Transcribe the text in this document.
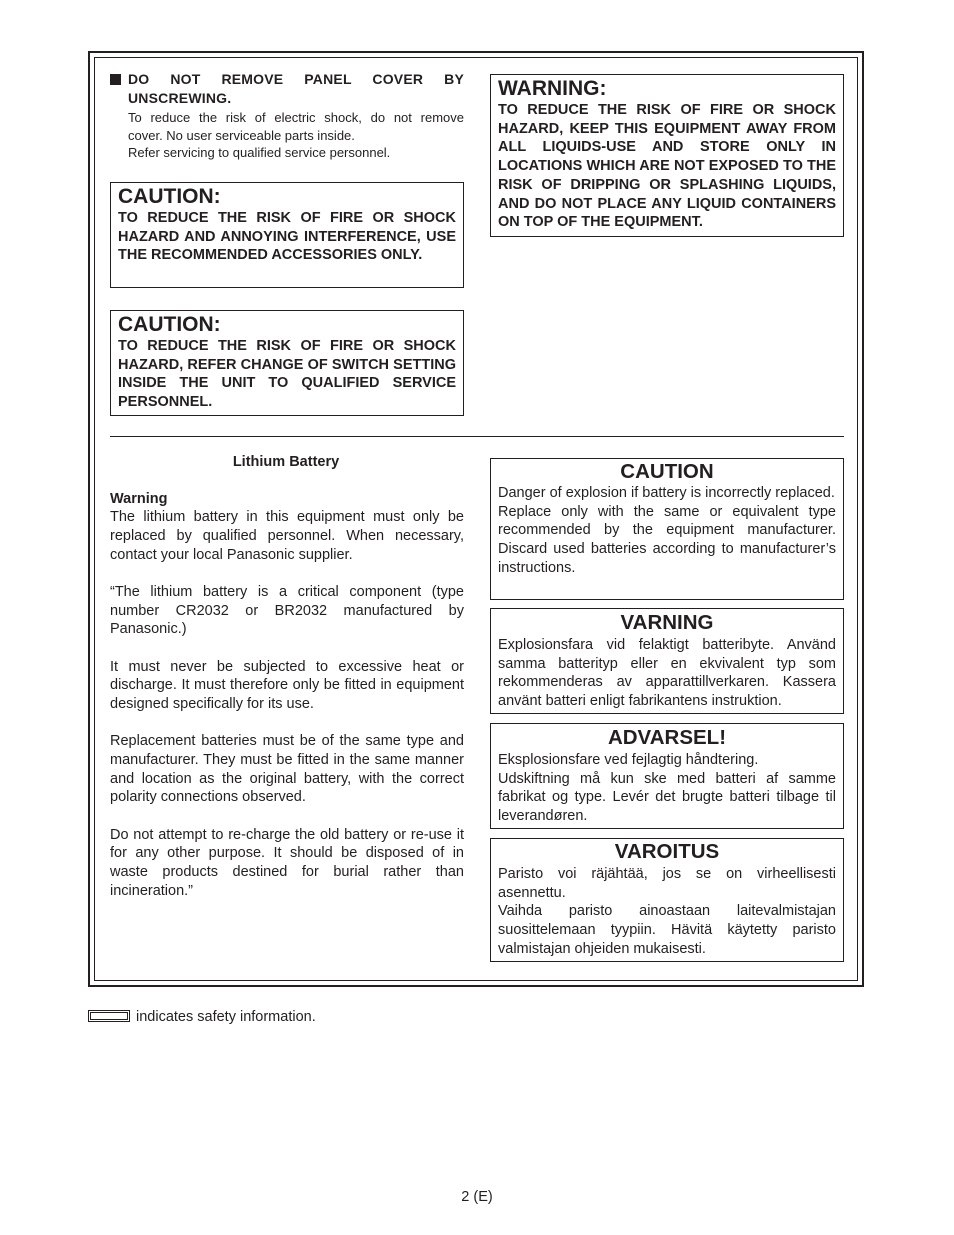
DO NOT REMOVE PANEL COVER BY
UNSCREWING.
To reduce the risk of electric shock, do not remove
cover. No user serviceable parts inside.
Refer servicing to qualified service personnel.
CAUTION:
TO REDUCE THE RISK OF FIRE OR SHOCK HAZARD AND ANNOYING INTERFERENCE, USE THE RECOMMENDED ACCESSORIES ONLY.
CAUTION:
TO REDUCE THE RISK OF FIRE OR SHOCK HAZARD, REFER CHANGE OF SWITCH SETTING INSIDE THE UNIT TO QUALIFIED SERVICE PERSONNEL.
WARNING:
TO REDUCE THE RISK OF FIRE OR SHOCK HAZARD, KEEP THIS EQUIPMENT AWAY FROM ALL LIQUIDS-USE AND STORE ONLY IN LOCATIONS WHICH ARE NOT EXPOSED TO THE RISK OF DRIPPING OR SPLASHING LIQUIDS, AND DO NOT PLACE ANY LIQUID CONTAINERS ON TOP OF THE EQUIPMENT.
Lithium Battery
Warning

The lithium battery in this equipment must only be replaced by qualified personnel. When necessary, contact your local Panasonic supplier.

“The lithium battery is a critical component (type number CR2032 or BR2032 manufactured by Panasonic.)

It must never be subjected to excessive heat or discharge. It must therefore only be fitted in equipment designed specifically for its use.

Replacement batteries must be of the same type and manufacturer. They must be fitted in the same manner and location as the original battery, with the correct polarity connections observed.

Do not attempt to re-charge the old battery or re-use it for any other purpose. It should be disposed of in waste products destined for burial rather than incineration.”

CAUTION
Danger of explosion if battery is incorrectly replaced.
Replace only with the same or equivalent type recommended by the equipment manufacturer. Discard used batteries according to manufacturer’s instructions.
VARNING
Explosionsfara vid felaktigt batteribyte. Använd samma batterityp eller en ekvivalent typ som rekommenderas av apparattillverkaren. Kassera använt batteri enligt fabrikantens instruktion.
ADVARSEL!
Eksplosionsfare ved fejlagtig håndtering.
Udskiftning må kun ske med batteri af samme fabrikat og type. Levér det brugte batteri tilbage til leverandøren.
VAROITUS
Paristo voi räjähtää, jos se on virheellisesti asennettu.
Vaihda paristo ainoastaan laitevalmistajan suosittelemaan tyypiin. Hävitä käytetty paristo valmistajan ohjeiden mukaisesti.
indicates safety information.
2 (E)
